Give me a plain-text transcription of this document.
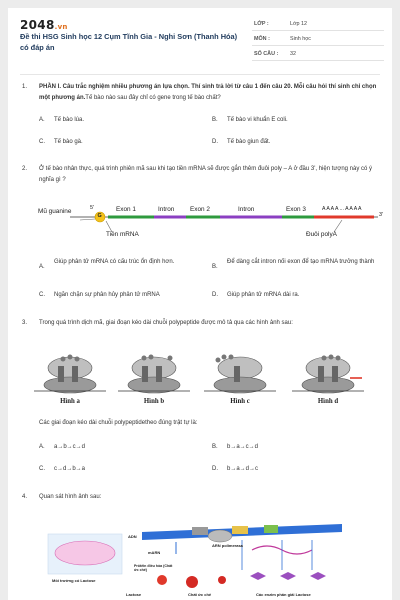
2048.vn
Đề thi HSG Sinh học 12 Cụm Tĩnh Gia - Nghi Sơn (Thanh Hóa) có đáp án
LỚP :	Lớp 12
MÔN :	Sinh học
SỐ CÂU : 32
1. PHẦN I. Câu trắc nghiệm nhiều phương án lựa chọn. Thí sinh trả lời từ câu 1 đến câu 20. Mỗi câu hỏi thí sinh chỉ chọn một phương án.Tế bào nào sau đây chỉ có gene trong tế bào chất?
A. Tế bào lúa.	B. Tế bào vi khuẩn E coli.
C. Tế bào gà.	D. Tế bào giun đất.
2. Ở tế bào nhân thực, quá trình phiên mã sau khi tạo tiền mRNA sẽ được gắn thêm đuôi poly – A ở đầu 3', hiện tượng này có ý nghĩa gì ?
Mũ guanine	5'
G
Exon 1	Intron Exon 2	Intron	Exon 3	A A A A ... A A A A
3'
Tiền mRNA	Đuôi polyA
A.
Giúp phân tử mRNA có cấu trúc ổn định hơn.
B.
Để dàng cắt intron nối exon để tạo mRNA trưởng thành
C. Ngăn chặn sự phân hủy phân tử mRNA	D. Giúp phân tử mRNA dài ra.
3. Trong quá trình dịch mã, giai đoạn kéo dài chuỗi polypeptide được mô tả qua các hình ảnh sau:
Hình a	Hình b	Hình c	Hình d
Các giai đoạn kéo dài chuỗi polypeptidetheo đúng trật tự là:
A. a→b→c→d	B. b→a→c→d
C. c→d→b→a	D. b→a→d→c
4. Quan sát hình ảnh sau:
ADN
mARN
ARN polimerasa
Môi trường có Lactose
Prôtêin điều hòa (Chất ức chế)
Lactose	Chất ức chế	Các enzim phân giải Lactose
